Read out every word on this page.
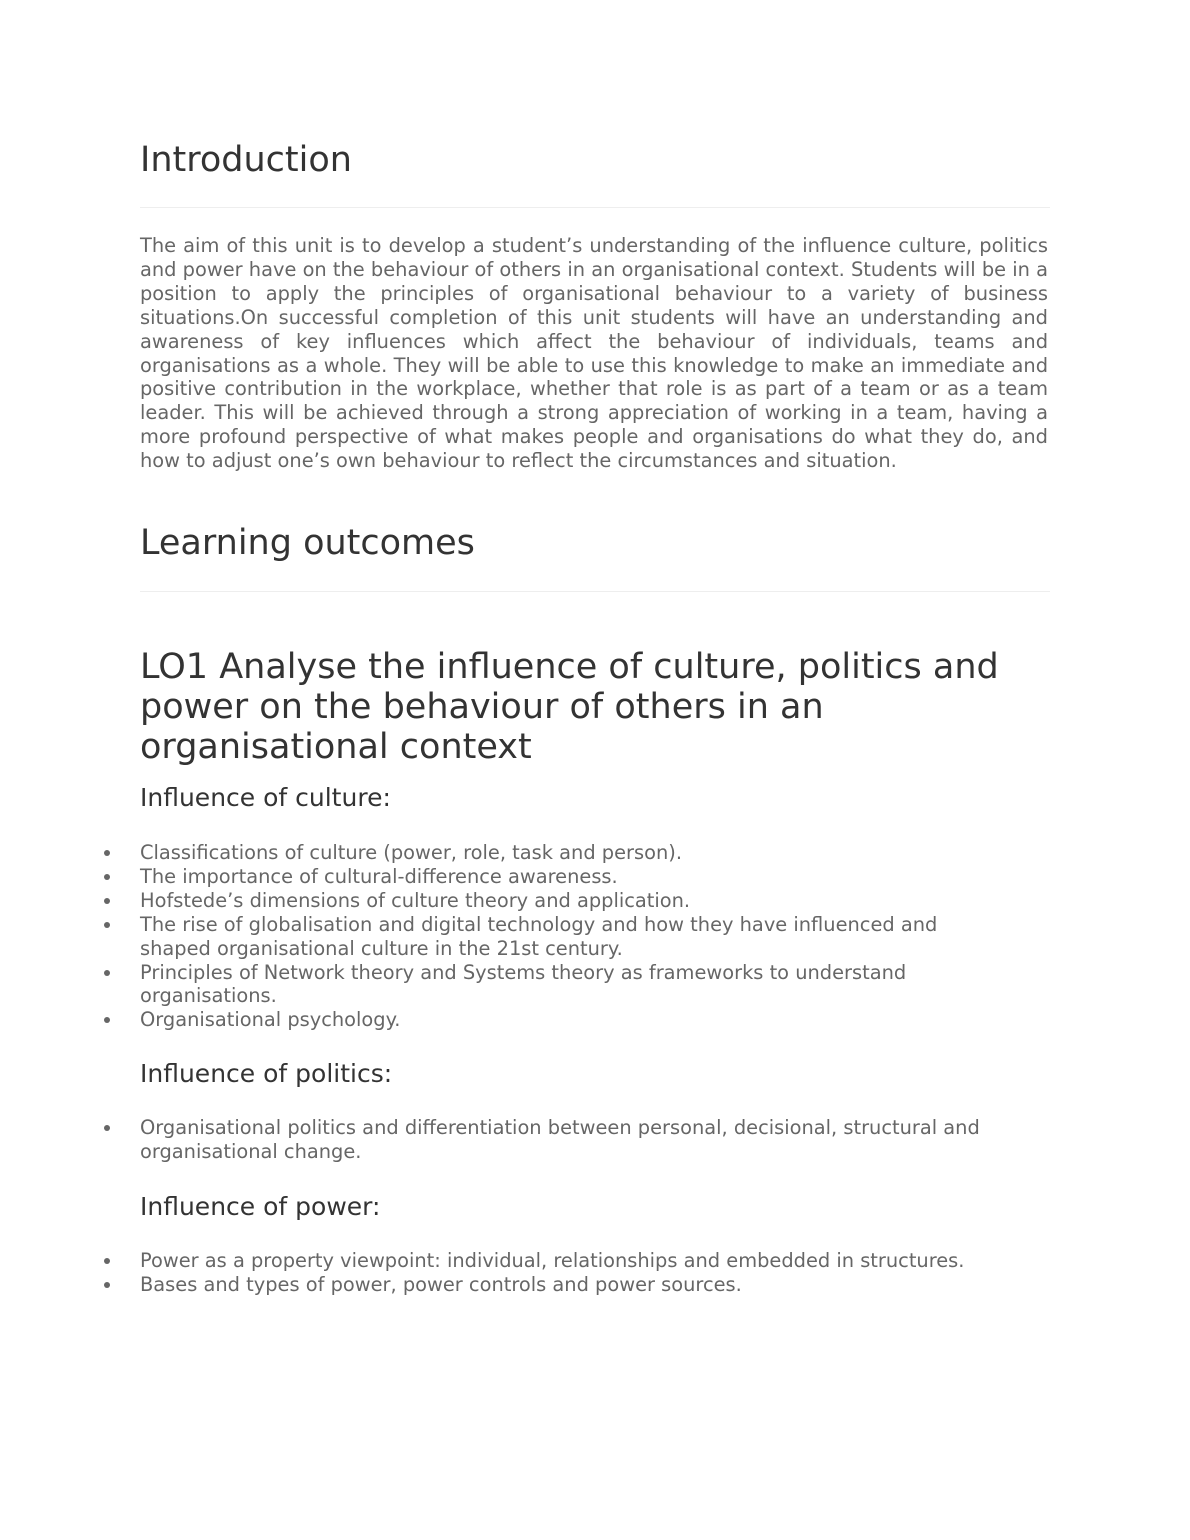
Introduction

The aim of this unit is to develop a student’s understanding of the influence culture, politics and power have on the behaviour of others in an organisational context. Students will be in a position to apply the principles of organisational behaviour to a variety of business situations.On successful completion of this unit students will have an understanding and awareness of key influences which affect the behaviour of individuals, teams and organisations as a whole. They will be able to use this knowledge to make an immediate and positive contribution in the workplace, whether that role is as part of a team or as a team leader. This will be achieved through a strong appreciation of working in a team, having a more profound perspective of what makes people and organisations do what they do, and how to adjust one’s own behaviour to reflect the circumstances and situation.

Learning outcomes
LO1 Analyse the influence of culture, politics and power on the behaviour of others in an organisational context
Influence of culture:
Classifications of culture (power, role, task and person).
The importance of cultural-difference awareness.
Hofstede’s dimensions of culture theory and application.
The rise of globalisation and digital technology and how they have influenced and shaped organisational culture in the 21st century.
Principles of Network theory and Systems theory as frameworks to understand organisations.
Organisational psychology.
Influence of politics:
Organisational politics and differentiation between personal, decisional, structural and organisational change.
Influence of power:
Power as a property viewpoint: individual, relationships and embedded in structures.
Bases and types of power, power controls and power sources.
